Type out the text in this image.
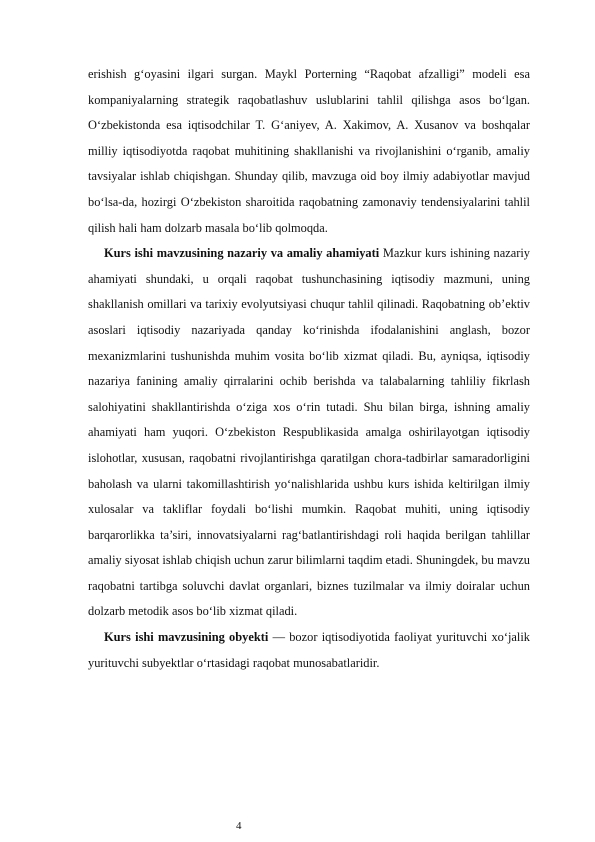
erishish g‘oyasini ilgari surgan. Maykl Porterning “Raqobat afzalligi” modeli esa kompaniyalarning strategik raqobatlashuv uslublarini tahlil qilishga asos bo‘lgan. O‘zbekistonda esa iqtisodchilar T. G‘aniyev, A. Xakimov, A. Xusanov va boshqalar milliy iqtisodiyotda raqobat muhitining shakllanishi va rivojlanishini o‘rganib, amaliy tavsiyalar ishlab chiqishgan. Shunday qilib, mavzuga oid boy ilmiy adabiyotlar mavjud bo‘lsa-da, hozirgi O‘zbekiston sharoitida raqobatning zamonaviy tendensiyalarini tahlil qilish hali ham dolzarb masala bo‘lib qolmoqda.

Kurs ishi mavzusining nazariy va amaliy ahamiyati Mazkur kurs ishining nazariy ahamiyati shundaki, u orqali raqobat tushunchasining iqtisodiy mazmuni, uning shakllanish omillari va tarixiy evolyutsiyasi chuqur tahlil qilinadi. Raqobatning ob’ektiv asoslari iqtisodiy nazariyada qanday ko‘rinishda ifodalanishini anglash, bozor mexanizmlarini tushunishda muhim vosita bo‘lib xizmat qiladi. Bu, ayniqsa, iqtisodiy nazariya fanining amaliy qirralarini ochib berishda va talabalarning tahliliy fikrlash salohiyatini shakllantirishda o‘ziga xos o‘rin tutadi. Shu bilan birga, ishning amaliy ahamiyati ham yuqori. O‘zbekiston Respublikasida amalga oshirilayotgan iqtisodiy islohotlar, xususan, raqobatni rivojlantirishga qaratilgan chora-tadbirlar samaradorligini baholash va ularni takomillashtirish yo‘nalishlarida ushbu kurs ishida keltirilgan ilmiy xulosalar va takliflar foydali bo‘lishi mumkin. Raqobat muhiti, uning iqtisodiy barqarorlikka ta’siri, innovatsiyalarni rag‘batlantirishdagi roli haqida berilgan tahlillar amaliy siyosat ishlab chiqish uchun zarur bilimlarni taqdim etadi. Shuningdek, bu mavzu raqobatni tartibga soluvchi davlat organlari, biznes tuzilmalar va ilmiy doiralar uchun dolzarb metodik asos bo‘lib xizmat qiladi.

Kurs ishi mavzusining obyekti — bozor iqtisodiyotida faoliyat yurituvchi xo‘jalik yurituvchi subyektlar o‘rtasidagi raqobat munosabatlaridir.

4
